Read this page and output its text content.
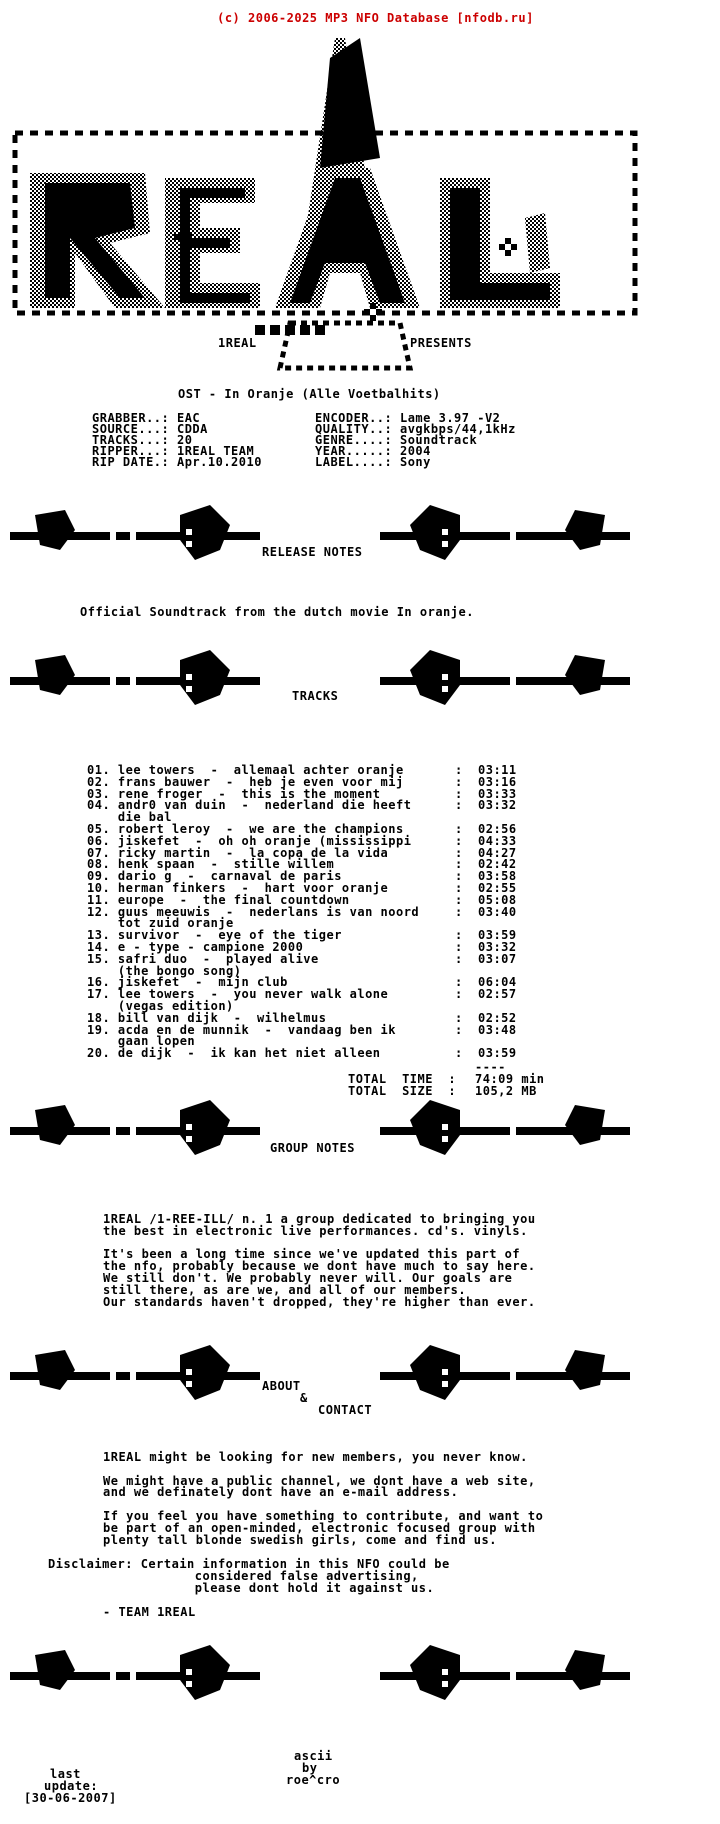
(c) 2006-2025 MP3 NFO Database [nfodb.ru]

1REAL	PRESENTS
OST - In Oranje (Alle Voetbalhits)
GRABBER..: EAC
SOURCE...: CDDA
TRACKS...: 20
RIPPER...: 1REAL TEAM
RIP DATE.: Apr.10.2010
ENCODER..: Lame 3.97 -V2
QUALITY..: avgkbps/44,1kHz
GENRE....: Soundtrack
YEAR.....: 2004
LABEL....: Sony
RELEASE NOTES
Official Soundtrack from the dutch movie In oranje.
TRACKS
01. lee towers  -  allemaal achter oranje	: 03:11
02. frans bauwer  -  heb je even voor mij	: 03:16
03. rene froger  -  this is the moment	: 03:33
04. andr0 van duin  -  nederland die heeft	: 03:32
die bal
05. robert leroy  -  we are the champions	: 02:56
06. jiskefet  -  oh oh oranje (mississippi	: 04:33
07. ricky martin  -  la copa de la vida	: 04:27
08. henk spaan  -  stille willem	: 02:42
09. dario g  -  carnaval de paris	: 03:58
10. herman finkers  -  hart voor oranje	: 02:55
11. europe  -  the final countdown	: 05:08
12. guus meeuwis  -  nederlans is van noord	: 03:40
tot zuid oranje
13. survivor  -  eye of the tiger	: 03:59
14. e - type - campione 2000	: 03:32
15. safri duo  -  played alive	: 03:07
(the bongo song)
16. jiskefet  -  mijn club	: 06:04
17. lee towers  -  you never walk alone	: 02:57
(vegas edition)
18. bill van dijk  -  wilhelmus	: 02:52
19. acda en de munnik  -  vandaag ben ik	: 03:48
gaan lopen
20. de dijk  -  ik kan het niet alleen	: 03:59
----
TOTAL  TIME  : 74:09 min
TOTAL  SIZE  : 105,2 MB
GROUP NOTES
1REAL /1-REE-ILL/ n. 1 a group dedicated to bringing you
the best in electronic live performances. cd's. vinyls.
It's been a long time since we've updated this part of
the nfo, probably because we dont have much to say here.
We still don't. We probably never will. Our goals are
still there, as are we, and all of our members.
Our standards haven't dropped, they're higher than ever.
ABOUT
&
CONTACT
1REAL might be looking for new members, you never know.
We might have a public channel, we dont have a web site,
and we definately dont have an e-mail address.
If you feel you have something to contribute, and want to
be part of an open-minded, electronic focused group with
plenty tall blonde swedish girls, come and find us.
Disclaimer: Certain information in this NFO could be
considered false advertising,
please dont hold it against us.
- TEAM 1REAL
ascii
by
roe^cro
last
update:
[30-06-2007]
